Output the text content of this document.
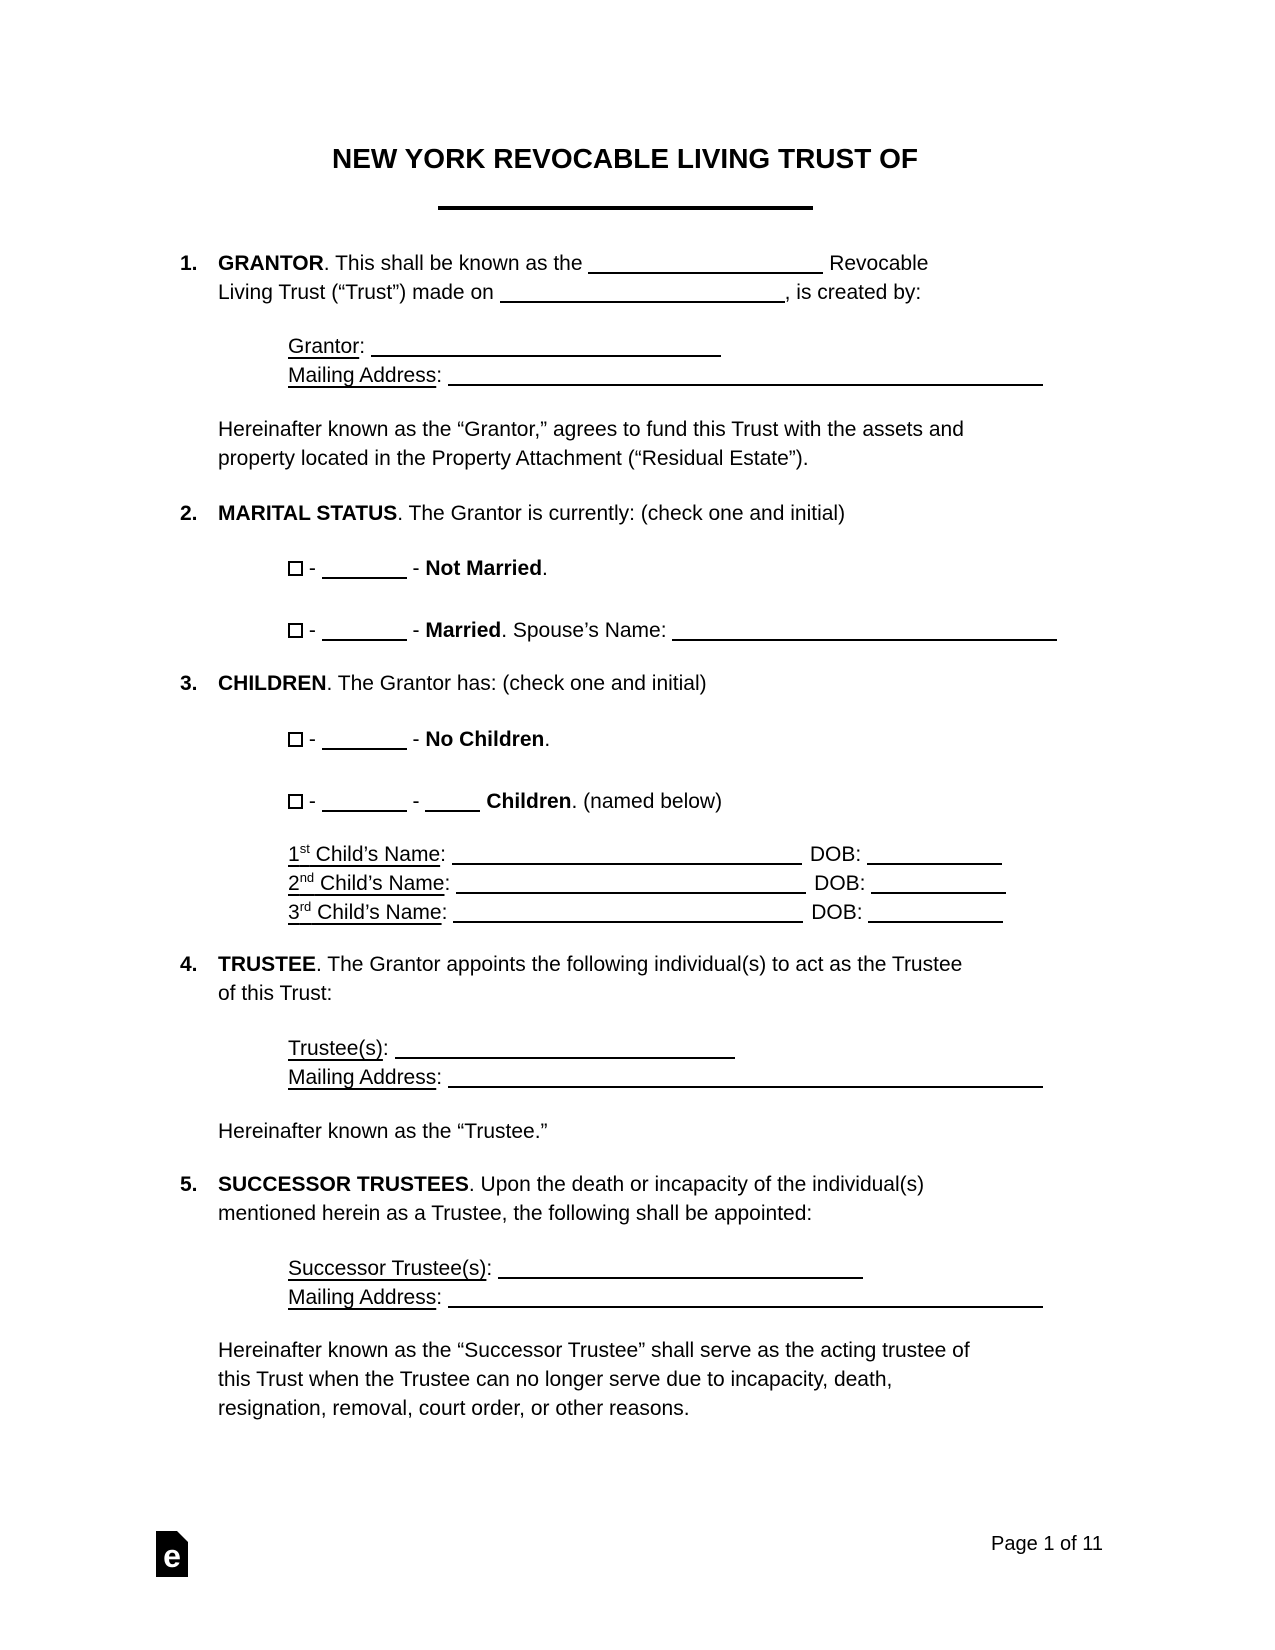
NEW YORK REVOCABLE LIVING TRUST OF
1. GRANTOR. This shall be known as the	Revocable
Living Trust (“Trust”) made on	, is created by:

Grantor:

Mailing Address:

Hereinafter known as the “Grantor,” agrees to fund this Trust with the assets and
property located in the Property Attachment (“Residual Estate”).

2. MARITAL STATUS. The Grantor is currently: (check one and initial)

-	- Not Married.

-	- Married. Spouse’s Name:

3. CHILDREN. The Grantor has: (check one and initial)

-	- No Children.

-	-	Children. (named below)

1st Child’s Name:	DOB:

2nd Child’s Name:	DOB:

3rd Child’s Name:	DOB:

4. TRUSTEE. The Grantor appoints the following individual(s) to act as the Trustee
of this Trust:

Trustee(s):

Mailing Address:

Hereinafter known as the “Trustee.”

5. SUCCESSOR TRUSTEES. Upon the death or incapacity of the individual(s)
mentioned herein as a Trustee, the following shall be appointed:

Successor Trustee(s):

Mailing Address:

Hereinafter known as the “Successor Trustee” shall serve as the acting trustee of
this Trust when the Trustee can no longer serve due to incapacity, death,
resignation, removal, court order, or other reasons.

e	Page 1 of 11
